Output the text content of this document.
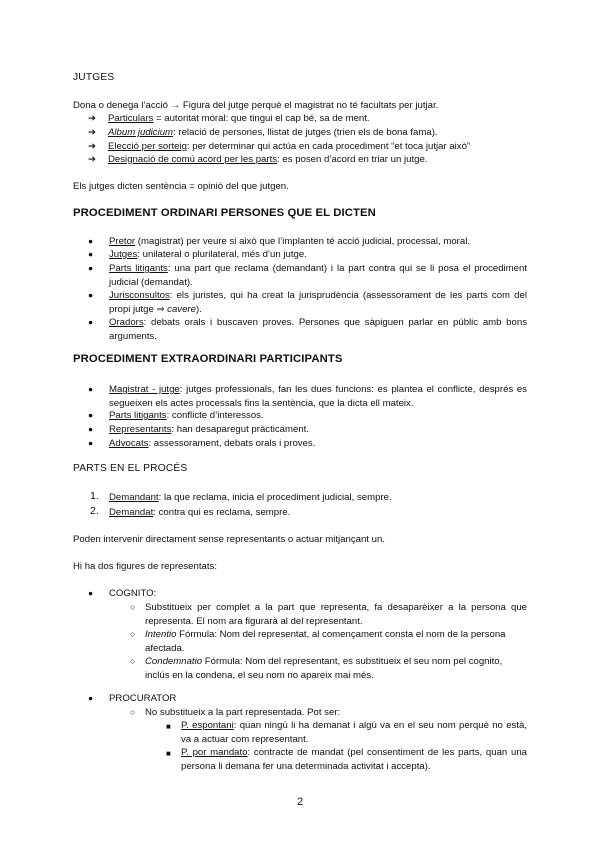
JUTGES
Dona o denega l’acció → Figura del jutge perquè el magistrat no té facultats per jutjar.
➔ Particulars = autoritat moral: que tingui el cap bé, sa de ment.
➔ Album judicium: relació de persones, llistat de jutges (trien els de bona fama).
➔ Elecció per sorteig: per determinar qui actúa en cada procediment “et toca jutjar això”
➔ Designació de comú acord per les parts: es posen d’acord en triar un jutge.
Els jutges dicten sentència = opinió del que jutgen.
PROCEDIMENT ORDINARI PERSONES QUE EL DICTEN
● Pretor (magistrat) per veure si això que l’implanten té acció judicial, processal, moral.
● Jutges: unilateral o plurilateral, més d’un jutge.
● Parts litigants: una part que reclama (demandant) i la part contra qui se li posa el procediment judicial (demandat).
● Jurisconsultos: els juristes, qui ha creat la jurisprudència (assessorament de les parts com del propi jutge ⇒ cavere).
● Oradors: debats orals i buscaven proves. Persones que sàpiguen parlar en públic amb bons arguments.
PROCEDIMENT EXTRAORDINARI PARTICIPANTS
● Magistrat - jutge: jutges professionals, fan les dues funcions: es plantea el conflicte, després es segueixen els actes processals fins la sentència, que la dicta ell mateix.
● Parts litigants: conflicte d’interessos.
● Representants: han desaparegut pràcticament.
● Advocats: assessorament, debats orals i proves.
PARTS EN EL PROCÉS
1. Demandant: la que reclama, inicia el procediment judicial, sempre.
2. Demandat: contra qui es reclama, sempre.
Poden intervenir directament sense representants o actuar mitjançant un.
Hi ha dos figures de representats:
● COGNITO:
○ Substitueix per complet a la part que representa, fa desaparèixer a la persona que representa. El nom ara figurarà al del representant.
○ Intentio Fórmula: Nom del representat, al començament consta el nom de la persona afectada.
○ Condemnatio Fórmula: Nom del representant, es substitueix el seu nom pel cognito, inclús en la condena, el seu nom no apareix mai més.
● PROCURATOR
○ No substitueix a la part representada. Pot ser:
■ P. espontani: quan ningú li ha demanat i algú va en el seu nom perquè no està, va a actuar com representant.
■ P. por mandato: contracte de mandat (pel consentiment de les parts, quan una persona li demana fer una determinada activitat i accepta).
2
